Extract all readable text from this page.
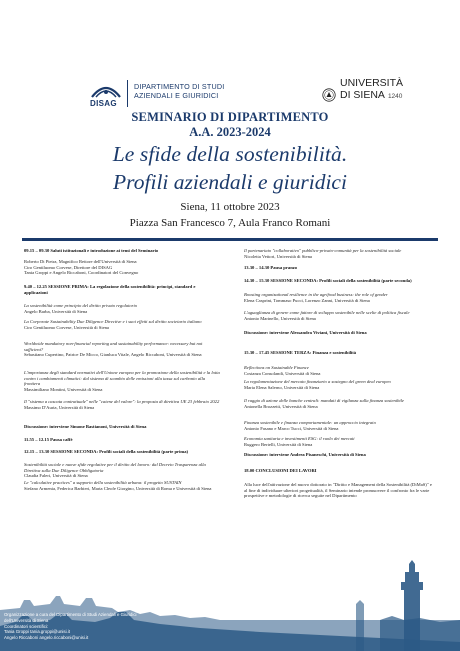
DISAG
DIPARTIMENTO DI STUDI
AZIENDALI E GIURIDICI
UNIVERSITÀ
DI SIENA 1240
SEMINARIO DI DIPARTIMENTO
A.A. 2023-2024
Le sfide della sostenibilità.
Profili aziendali e giuridici
Siena, 11 ottobre 2023
Piazza San Francesco 7, Aula Franco Romani

09.15 – 09.30 Saluti istituzionali e introduzione ai temi del Seminario

Roberto Di Pietra, Magnifico Rettore dell'Università di Siena

Ciro Gentiluomo Corvese, Direttore del DISAG

Tania Groppi e Angelo Riccaboni, Coordinatori del Convegno

9.40 – 12.25 SESSIONE PRIMA: La regolazione della sostenibilità: principi, standard e applicazioni

La sostenibilità come principio del diritto privato regolatorio

Angelo Barba, Università di Siena

La Corporate Sustainability Due Diligence Directive e i suoi effetti sul diritto societario italiano

Ciro Gentiluomo Corvese, Università di Siena

Worldwide mandatory non-financial reporting and sustainability performance: necessary but not sufficient?

Sebastiano Cupertino, Patrice De Micco, Gianluca Vitale, Angelo Riccaboni, Università di Siena

L'importanza degli standard normativi dell'Unione europea per la promozione della sostenibilità e la lotta contro i cambiamenti climatici: dal sistema di scambio delle emissioni alla tassa sul carbonio alla frontiera

Massimiliano Montini, Università di Siena

Il "sistema a cascata contrattuale" nelle "catene del valore": la proposta di direttiva UE 23 febbraio 2022

Massimo D'Auria, Università di Siena

Discussione: interviene Simone Bastianoni, Università di Siena

11.55 – 12.15 Pausa caffè

12.15 – 13.30 SESSIONE SECONDA: Profili sociali della sostenibilità (parte prima)

Sostenibilità sociale e nuove sfide regolative per il diritto del lavoro: dal Decreto Trasparenza alla Direttiva sulla Due Diligence Obbligatoria

Claudia Faleri, Università di Siena

Le "calculative practices" a supporto della sostenibilità urbana: il progetto SUSTAIN

Stefano Armenia, Federica Barbieri, Maria Cleofe Giorgino, Università di Roma e Università di Siena

Il partenariato "collaborativo" pubblico-privato-comunità per la sostenibilità sociale

Nicoletta Vettori, Università di Siena

13.30 – 14.30 Pausa pranzo

14.30 – 15.30 SESSIONE SECONDA: Profili sociali della sostenibilità (parte seconda)

Boosting organizational resilience in the agrifood business: the role of gender

Elena Casprini, Tommaso Pucci, Lorenzo Zanni, Università di Siena

L'uguaglianza di genere come fattore di sviluppo sostenibile nelle scelte di politica fiscale

Antonio Marinello, Università di Siena

Discussione: interviene Alessandra Viviani, Università di Siena

15.30 – 17.45 SESSIONE TERZA: Finanza e sostenibilità

Reflections on Sustainable Finance

Costanza Consolandi, Università di Siena

La regolamentazione del mercato finanziario a sostegno del green deal europeo

Maria Elena Salerno, Università di Siena

Il raggio di azione delle banche centrali: mandati di vigilanza sulla finanza sostenibile

Antonella Brozzetti, Università di Siena

Finanza sostenibile e finanza comportamentale: un approccio integrato

Antonio Fasano e Marco Tucci, Università di Siena

Economia sanitaria e investimenti ESG: il ruolo dei mercati

Ruggero Bertelli, Università di Siena

Discussione: interviene Andrea Pisaneschi, Università di Siena

18.00 CONCLUSIONI DEI LAVORI

Alla luce dell'attivazione del nuovo dottorato in "Diritto e Management della Sostenibilità (DiMaS)" e al fine di individuare ulteriori progettualità, il Seminario intende promuovere il confronto fra le varie prospettive e metodologie di ricerca seguite nel Dipartimento

Organizzazione a cura del Dipartimento di Studi Aziendali e Giuridici

dell'Università di Siena

Coordinatori scientifici:

Tania Groppi tania.groppi@unisi.it

Angelo Riccaboni angelo.riccaboni@unisi.it
